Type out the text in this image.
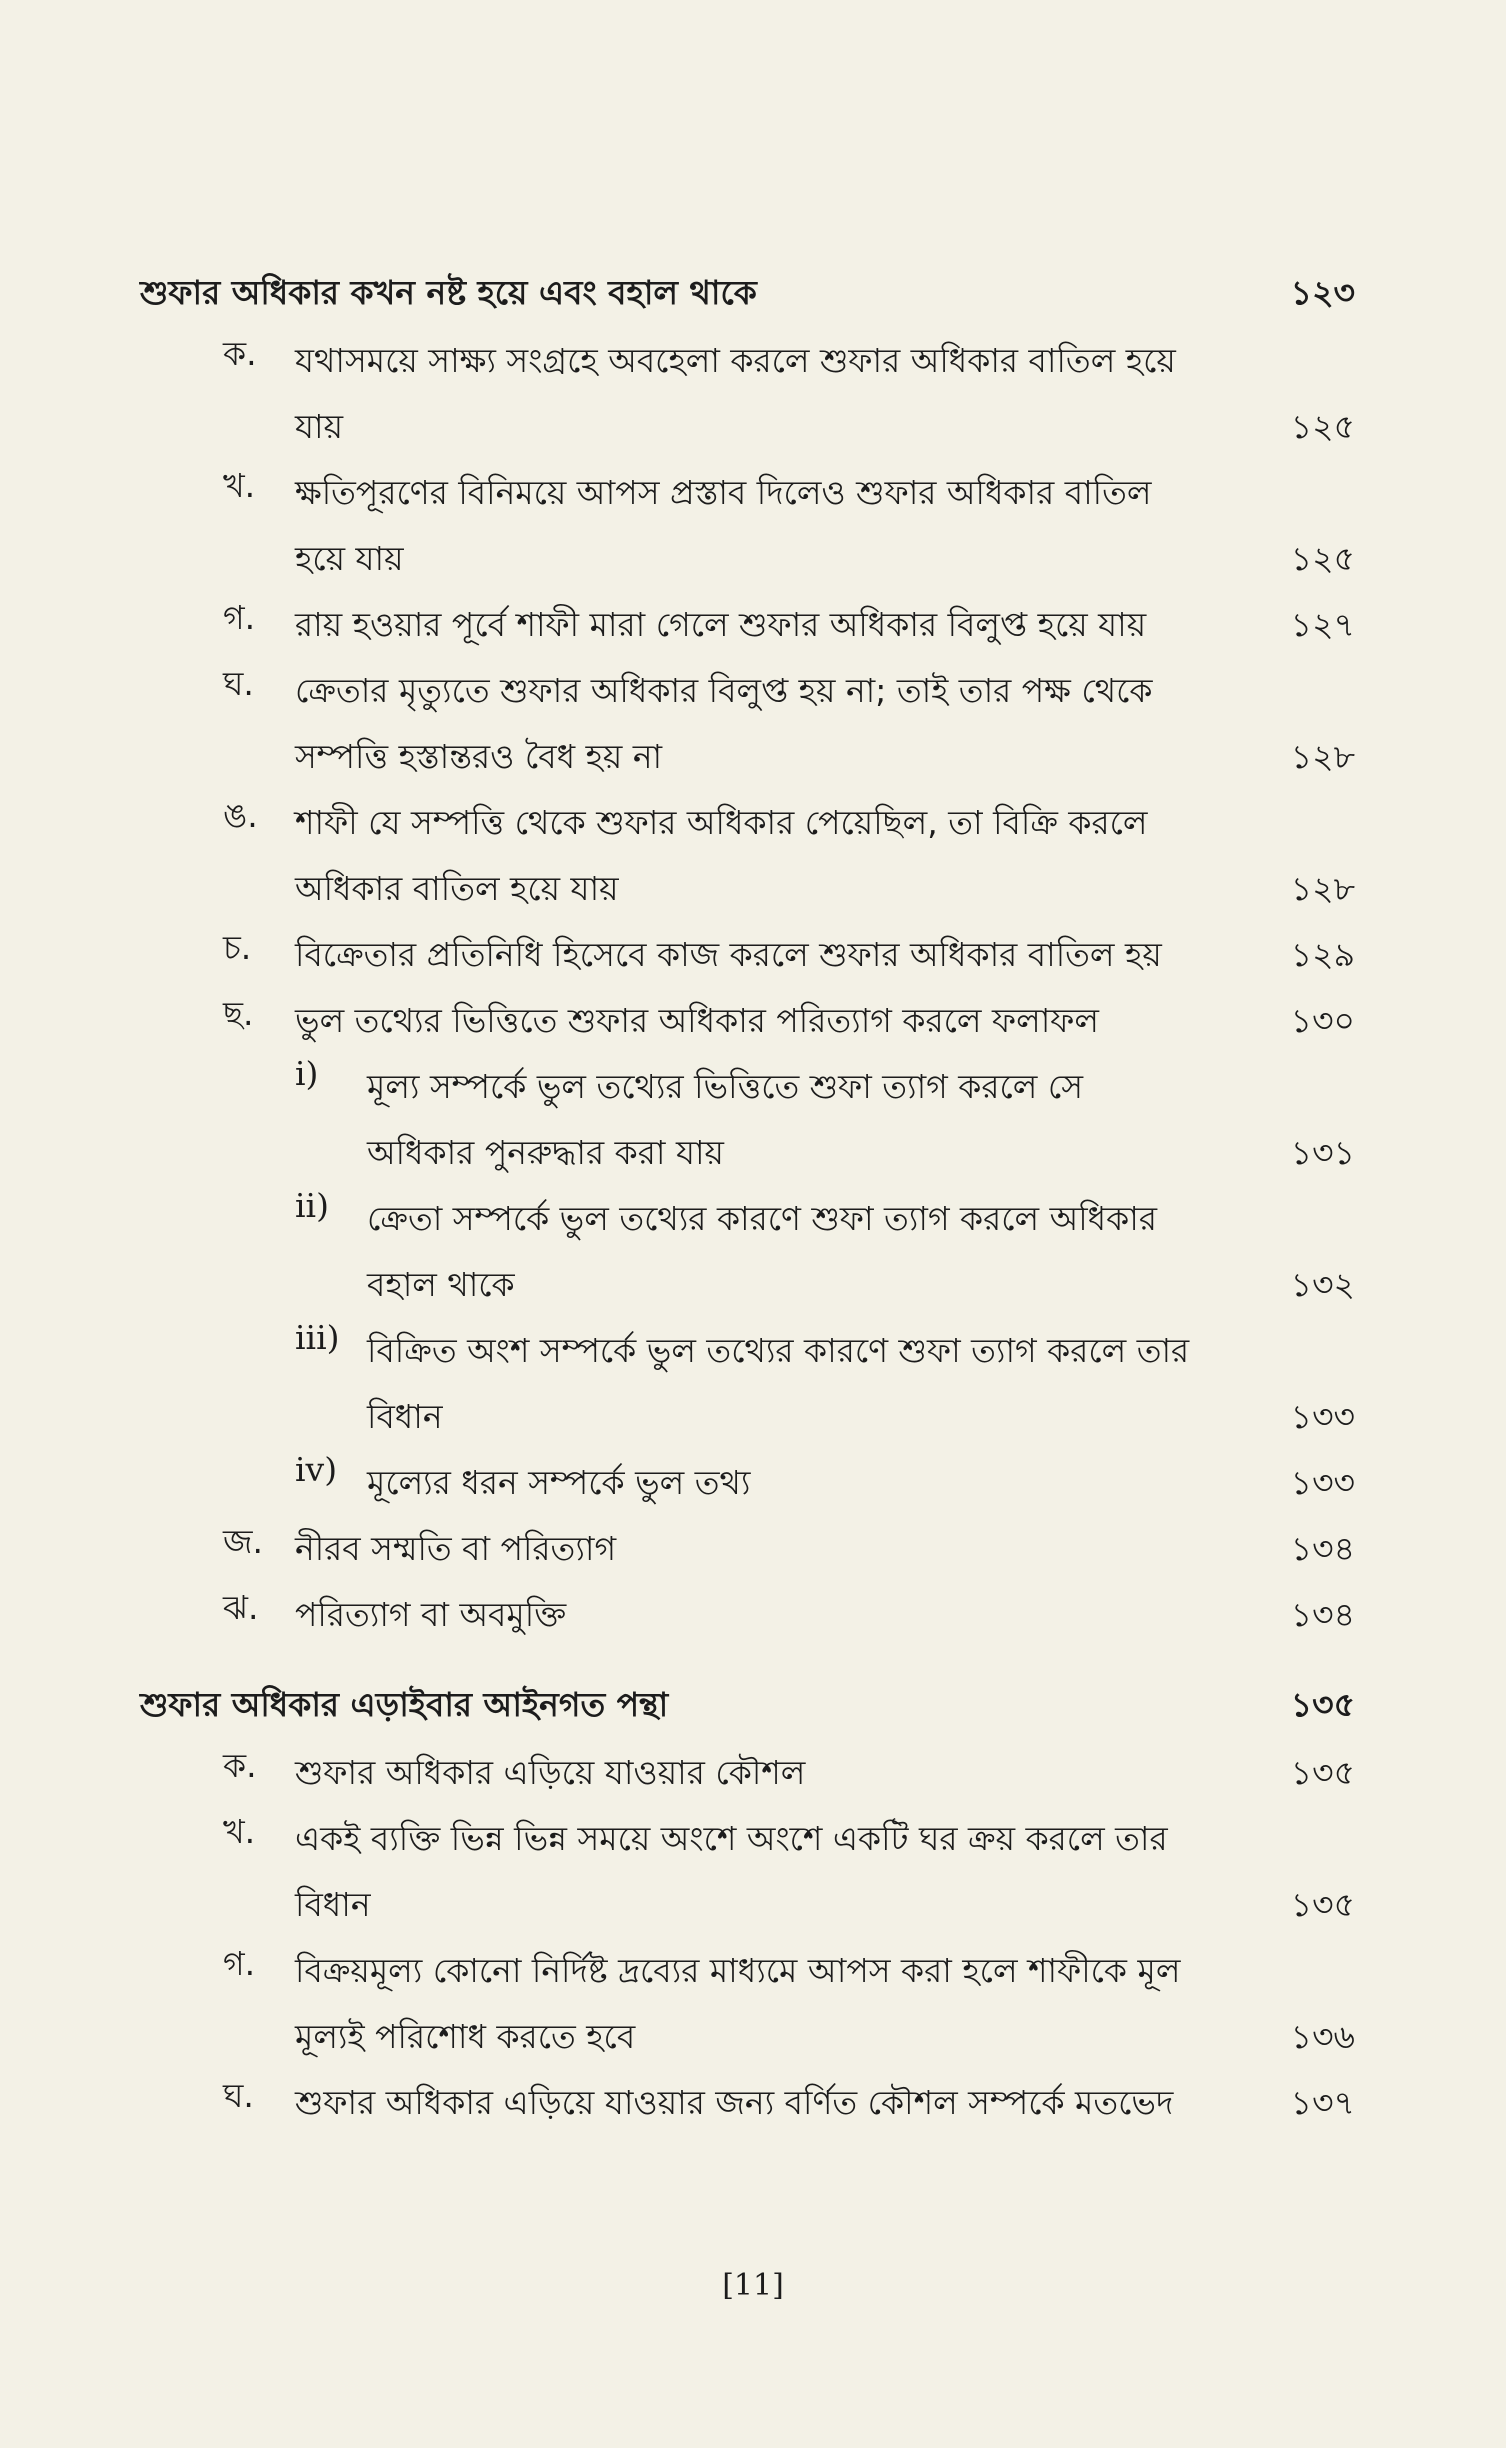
শুফার অধিকার কখন নষ্ট হয়ে এবং বহাল থাকে	১২৩
ক.	যথাসময়ে সাক্ষ্য সংগ্রহে অবহেলা করলে শুফার অধিকার বাতিল হয়ে যায়	১২৫
খ.	ক্ষতিপূরণের বিনিময়ে আপস প্রস্তাব দিলেও শুফার অধিকার বাতিল হয়ে যায়	১২৫
গ.	রায় হওয়ার পূর্বে শাফী মারা গেলে শুফার অধিকার বিলুপ্ত হয়ে যায়	১২৭
ঘ.	ক্রেতার মৃত্যুতে শুফার অধিকার বিলুপ্ত হয় না; তাই তার পক্ষ থেকে সম্পত্তি হস্তান্তরও বৈধ হয় না	১২৮
ঙ.	শাফী যে সম্পত্তি থেকে শুফার অধিকার পেয়েছিল, তা বিক্রি করলে অধিকার বাতিল হয়ে যায়	১২৮
চ.	বিক্রেতার প্রতিনিধি হিসেবে কাজ করলে শুফার অধিকার বাতিল হয়	১২৯
ছ.	ভুল তথ্যের ভিত্তিতে শুফার অধিকার পরিত্যাগ করলে ফলাফল	১৩০
i)	মূল্য সম্পর্কে ভুল তথ্যের ভিত্তিতে শুফা ত্যাগ করলে সে অধিকার পুনরুদ্ধার করা যায়	১৩১
ii)	ক্রেতা সম্পর্কে ভুল তথ্যের কারণে শুফা ত্যাগ করলে অধিকার বহাল থাকে	১৩২
iii) বিক্রিত অংশ সম্পর্কে ভুল তথ্যের কারণে শুফা ত্যাগ করলে তার বিধান	১৩৩
iv) মূল্যের ধরন সম্পর্কে ভুল তথ্য	১৩৩
জ. নীরব সম্মতি বা পরিত্যাগ	১৩৪
ঝ.	পরিত্যাগ বা অবমুক্তি	১৩৪
শুফার অধিকার এড়াইবার আইনগত পন্থা	১৩৫
ক.	শুফার অধিকার এড়িয়ে যাওয়ার কৌশল	১৩৫
খ.	একই ব্যক্তি ভিন্ন ভিন্ন সময়ে অংশে অংশে একটি ঘর ক্রয় করলে তার বিধান	১৩৫
গ.	বিক্রয়মূল্য কোনো নির্দিষ্ট দ্রব্যের মাধ্যমে আপস করা হলে শাফীকে মূল মূল্যই পরিশোধ করতে হবে	১৩৬
ঘ.	শুফার অধিকার এড়িয়ে যাওয়ার জন্য বর্ণিত কৌশল সম্পর্কে মতভেদ	১৩৭
[11]
